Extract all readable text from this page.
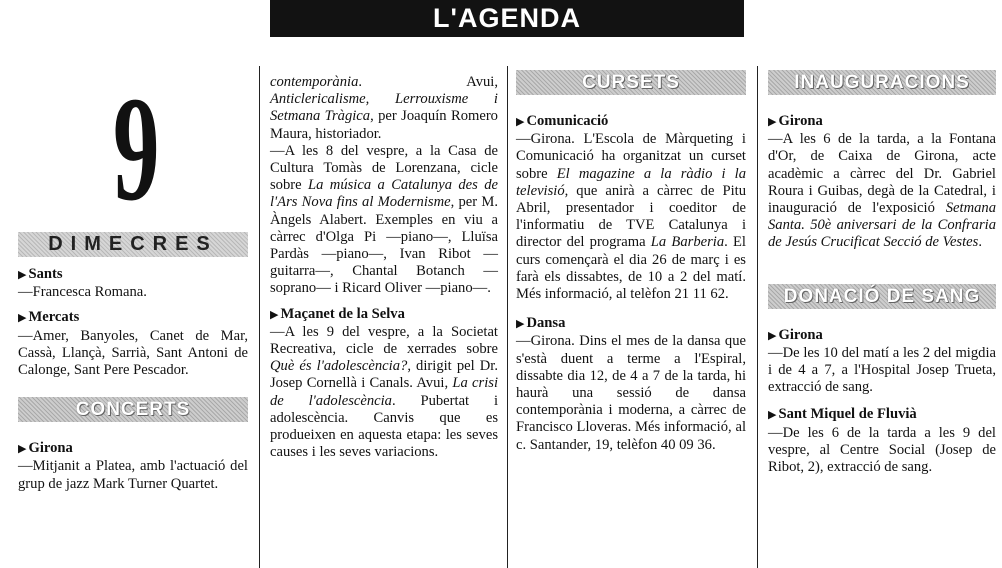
L'AGENDA
9
DIMECRES
▶ Sants
—Francesca Romana.
▶ Mercats
—Amer, Banyoles, Canet de Mar, Cassà, Llançà, Sarrià, Sant Antoni de Calonge, Sant Pere Pescador.
CONCERTS
▶ Girona
—Mitjanit a Platea, amb l'actuació del grup de jazz Mark Turner Quartet.
contemporània. Avui, Anticlericalisme, Lerrouxisme i Setmana Tràgica, per Joaquín Romero Maura, historiador.
—A les 8 del vespre, a la Casa de Cultura Tomàs de Lorenzana, cicle sobre La música a Catalunya des de l'Ars Nova fins al Modernisme, per M. Àngels Alabert. Exemples en viu a càrrec d'Olga Pi —piano—, Lluïsa Pardàs —piano—, Ivan Ribot —guitarra—, Chantal Botanch —soprano— i Ricard Oliver —piano—.
▶ Maçanet de la Selva
—A les 9 del vespre, a la Societat Recreativa, cicle de xerrades sobre Què és l'adolescència?, dirigit pel Dr. Josep Cornellà i Canals. Avui, La crisi de l'adolescència. Pubertat i adolescència. Canvis que es produeixen en aquesta etapa: les seves causes i les seves variacions.
CURSETS
▶ Comunicació
—Girona. L'Escola de Màrqueting i Comunicació ha organitzat un curset sobre El magazine a la ràdio i la televisió, que anirà a càrrec de Pitu Abril, presentador i coeditor de l'informatiu de TVE Catalunya i director del programa La Barberia. El curs començarà el dia 26 de març i es farà els dissabtes, de 10 a 2 del matí. Més informació, al telèfon 21 11 62.
▶ Dansa
—Girona. Dins el mes de la dansa que s'està duent a terme a l'Espiral, dissabte dia 12, de 4 a 7 de la tarda, hi haurà una sessió de dansa contemporània i moderna, a càrrec de Francisco Lloveras. Més informació, al c. Santander, 19, telèfon 40 09 36.
INAUGURACIONS
▶ Girona
—A les 6 de la tarda, a la Fontana d'Or, de Caixa de Girona, acte acadèmic a càrrec del Dr. Gabriel Roura i Guibas, degà de la Catedral, i inauguració de l'exposició Setmana Santa. 50è aniversari de la Confraria de Jesús Crucificat Secció de Vestes.
DONACIÓ DE SANG
▶ Girona
—De les 10 del matí a les 2 del migdia i de 4 a 7, a l'Hospital Josep Trueta, extracció de sang.
▶ Sant Miquel de Fluvià
—De les 6 de la tarda a les 9 del vespre, al Centre Social (Josep de Ribot, 2), extracció de sang.
